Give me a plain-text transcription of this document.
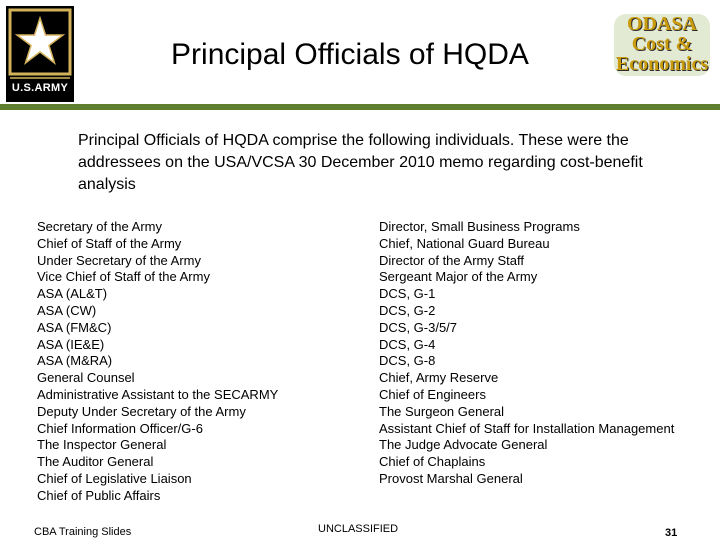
U.S.ARMY
Principal Officials of HQDA
ODASA
Cost &
Economics
Principal Officials of HQDA comprise the following individuals. These were the addressees on the USA/VCSA 30 December 2010 memo regarding cost-benefit analysis
Secretary of the Army
Chief of Staff of the Army
Under Secretary of the Army
Vice Chief of Staff of the Army
ASA (AL&T)
ASA (CW)
ASA (FM&C)
ASA (IE&E)
ASA (M&RA)
General Counsel
Administrative Assistant to the SECARMY
Deputy Under Secretary of the Army
Chief Information Officer/G-6
The Inspector General
The Auditor General
Chief of Legislative Liaison
Chief of Public Affairs
Director, Small Business Programs
Chief, National Guard Bureau
Director of the Army Staff
Sergeant Major of the Army
DCS, G-1
DCS, G-2
DCS, G-3/5/7
DCS, G-4
DCS, G-8
Chief, Army Reserve
Chief of Engineers
The Surgeon General
Assistant Chief of Staff for Installation Management
The Judge Advocate General
Chief of Chaplains
Provost Marshal General
CBA Training Slides	UNCLASSIFIED	31
